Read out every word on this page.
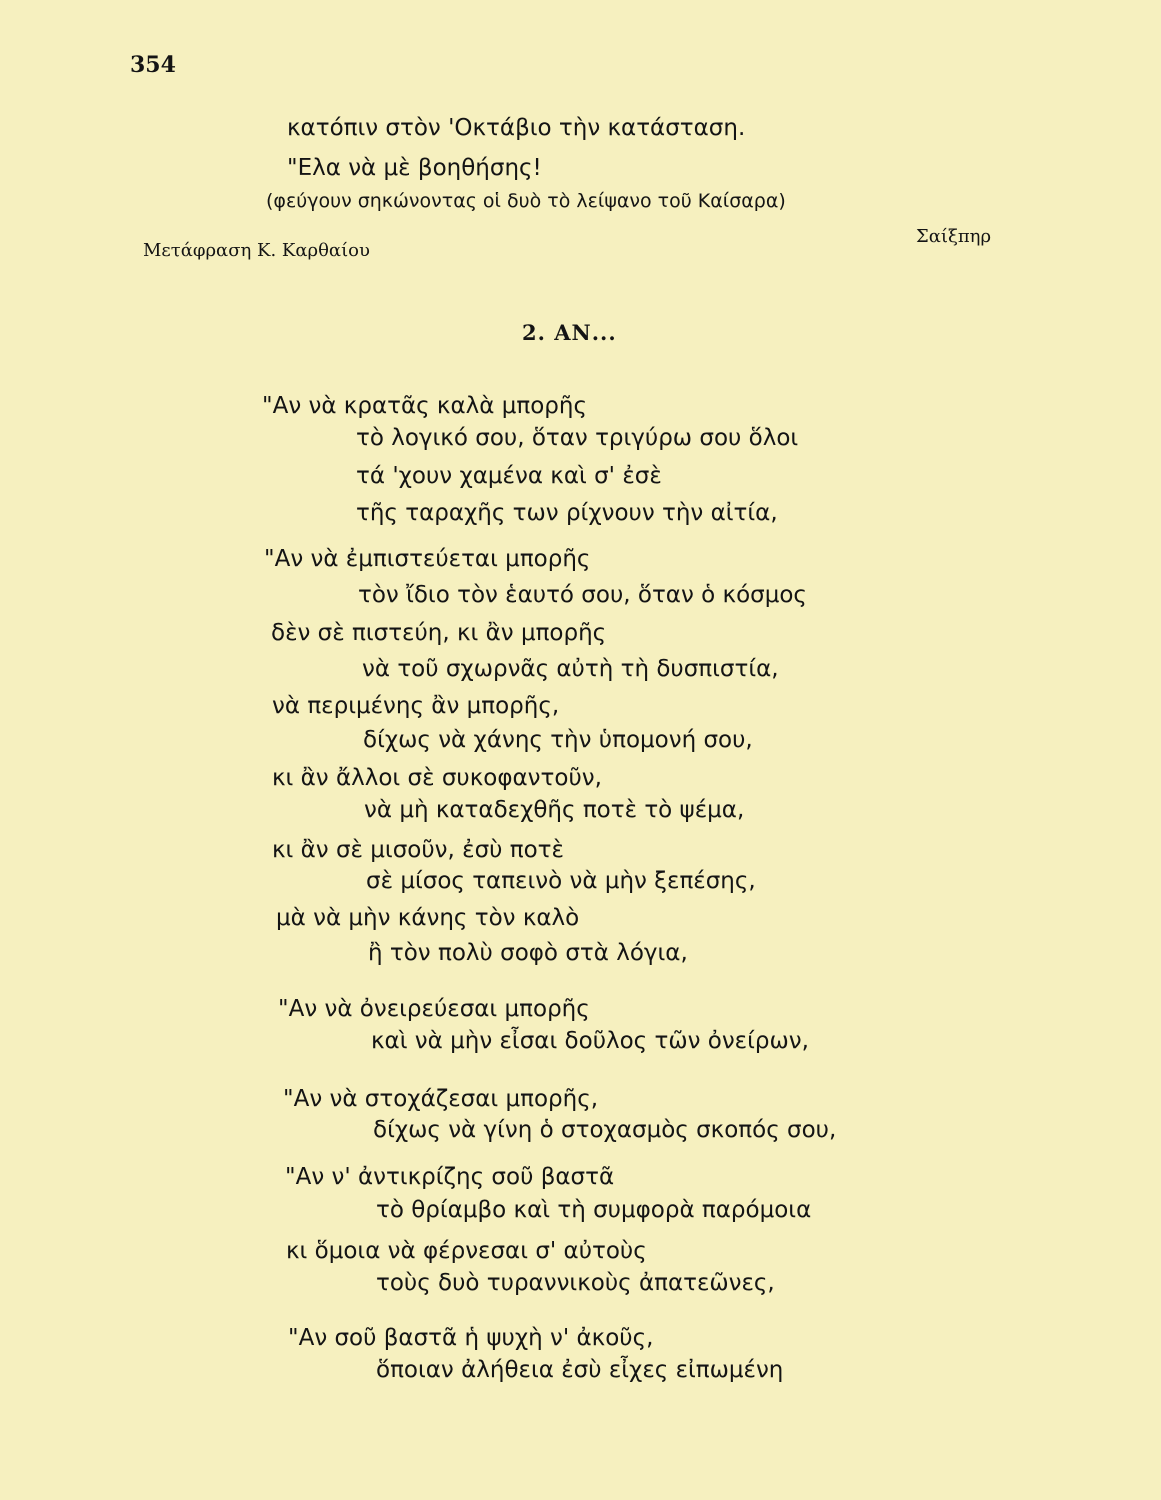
354
κατόπιν στὸν 'Οκτάβιο τὴν κατάσταση.
"Ελα νὰ μὲ βοηθήσης!
(φεύγουν σηκώνοντας οἱ δυὸ τὸ λείψανο τοῦ Καίσαρα)
Μετάφραση Κ. Καρθαίου
Σαίξπηρ
2. ΑΝ...
"Αν νὰ κρατᾶς καλὰ μπορῆς
τὸ λογικό σου, ὅταν τριγύρω σου ὅλοι
τά 'χουν χαμένα καὶ σ' ἐσὲ
τῆς ταραχῆς των ρίχνουν τὴν αἰτία,
"Αν νὰ ἐμπιστεύεται μπορῆς
τὸν ἴδιο τὸν ἑαυτό σου, ὅταν ὁ κόσμος
δὲν σὲ πιστεύη, κι ἂν μπορῆς
νὰ τοῦ σχωρνᾶς αὐτὴ τὴ δυσπιστία,
νὰ περιμένης ἂν μπορῆς,
δίχως νὰ χάνης τὴν ὑπομονή σου,
κι ἂν ἄλλοι σὲ συκοφαντοῦν,
νὰ μὴ καταδεχθῆς ποτὲ τὸ ψέμα,
κι ἂν σὲ μισοῦν, ἐσὺ ποτὲ
σὲ μίσος ταπεινὸ νὰ μὴν ξεπέσης,
μὰ νὰ μὴν κάνης τὸν καλὸ
ἢ τὸν πολὺ σοφὸ στὰ λόγια,
"Αν νὰ ὀνειρεύεσαι μπορῆς
καὶ νὰ μὴν εἶσαι δοῦλος τῶν ὀνείρων,
"Αν νὰ στοχάζεσαι μπορῆς,
δίχως νὰ γίνη ὁ στοχασμὸς σκοπός σου,
"Αν ν' ἀντικρίζης σοῦ βαστᾶ
τὸ θρίαμβο καὶ τὴ συμφορὰ παρόμοια
κι ὅμοια νὰ φέρνεσαι σ' αὐτοὺς
τοὺς δυὸ τυραννικοὺς ἀπατεῶνες,
"Αν σοῦ βαστᾶ ἡ ψυχὴ ν' ἀκοῦς,
ὅποιαν ἀλήθεια ἐσὺ εἶχες εἰπωμένη
